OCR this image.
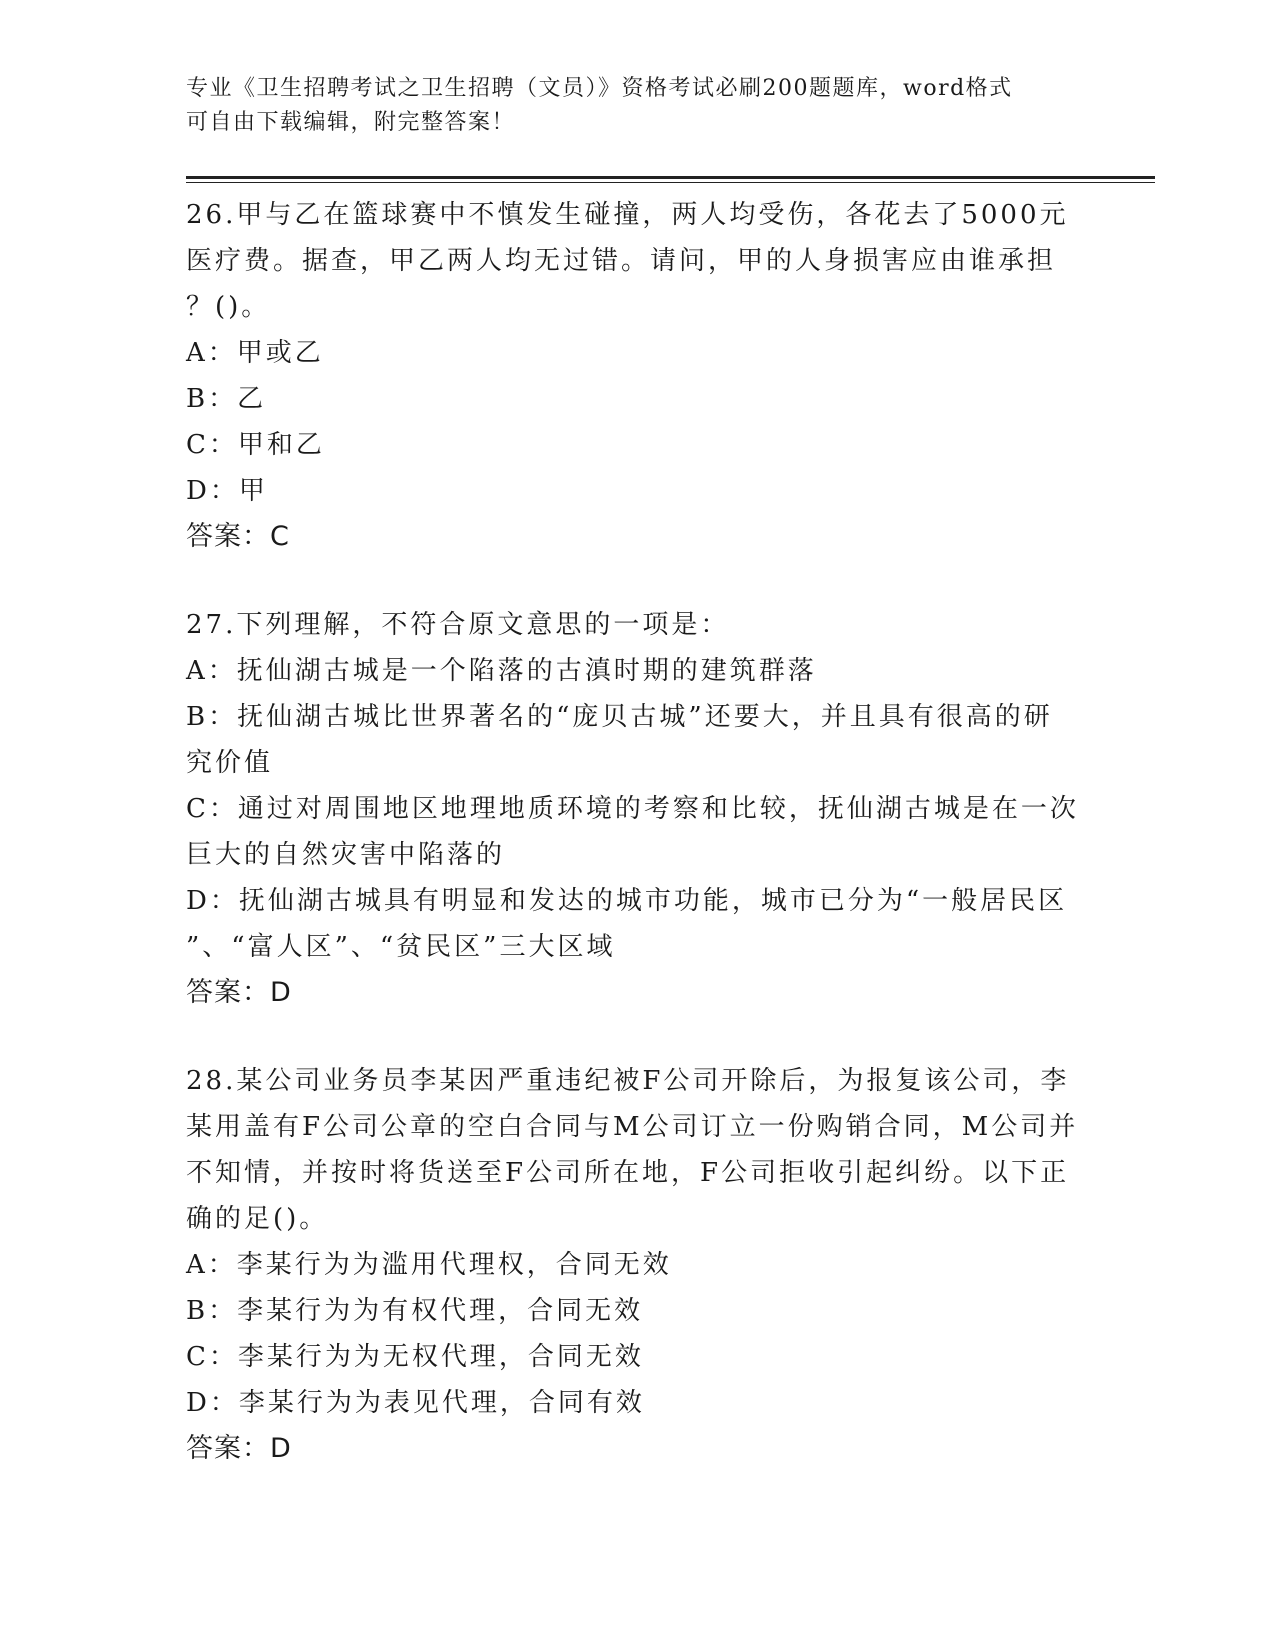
专业《卫生招聘考试之卫生招聘（文员）》资格考试必刷200题题库，word格式
可自由下载编辑，附完整答案！
26.甲与乙在篮球赛中不慎发生碰撞，两人均受伤，各花去了5000元
医疗费。据查，甲乙两人均无过错。请问，甲的人身损害应由谁承担
？()。
A：甲或乙
B：乙
C：甲和乙
D：甲
答案：C
27.下列理解，不符合原文意思的一项是：
A：抚仙湖古城是一个陷落的古滇时期的建筑群落
B：抚仙湖古城比世界著名的“庞贝古城”还要大，并且具有很高的研
究价值
C：通过对周围地区地理地质环境的考察和比较，抚仙湖古城是在一次
巨大的自然灾害中陷落的
D：抚仙湖古城具有明显和发达的城市功能，城市已分为“一般居民区
”、“富人区”、“贫民区”三大区域
答案：D
28.某公司业务员李某因严重违纪被F公司开除后，为报复该公司，李
某用盖有F公司公章的空白合同与M公司订立一份购销合同，M公司并
不知情，并按时将货送至F公司所在地，F公司拒收引起纠纷。以下正
确的足()。
A：李某行为为滥用代理权，合同无效
B：李某行为为有权代理，合同无效
C：李某行为为无权代理，合同无效
D：李某行为为表见代理，合同有效
答案：D
